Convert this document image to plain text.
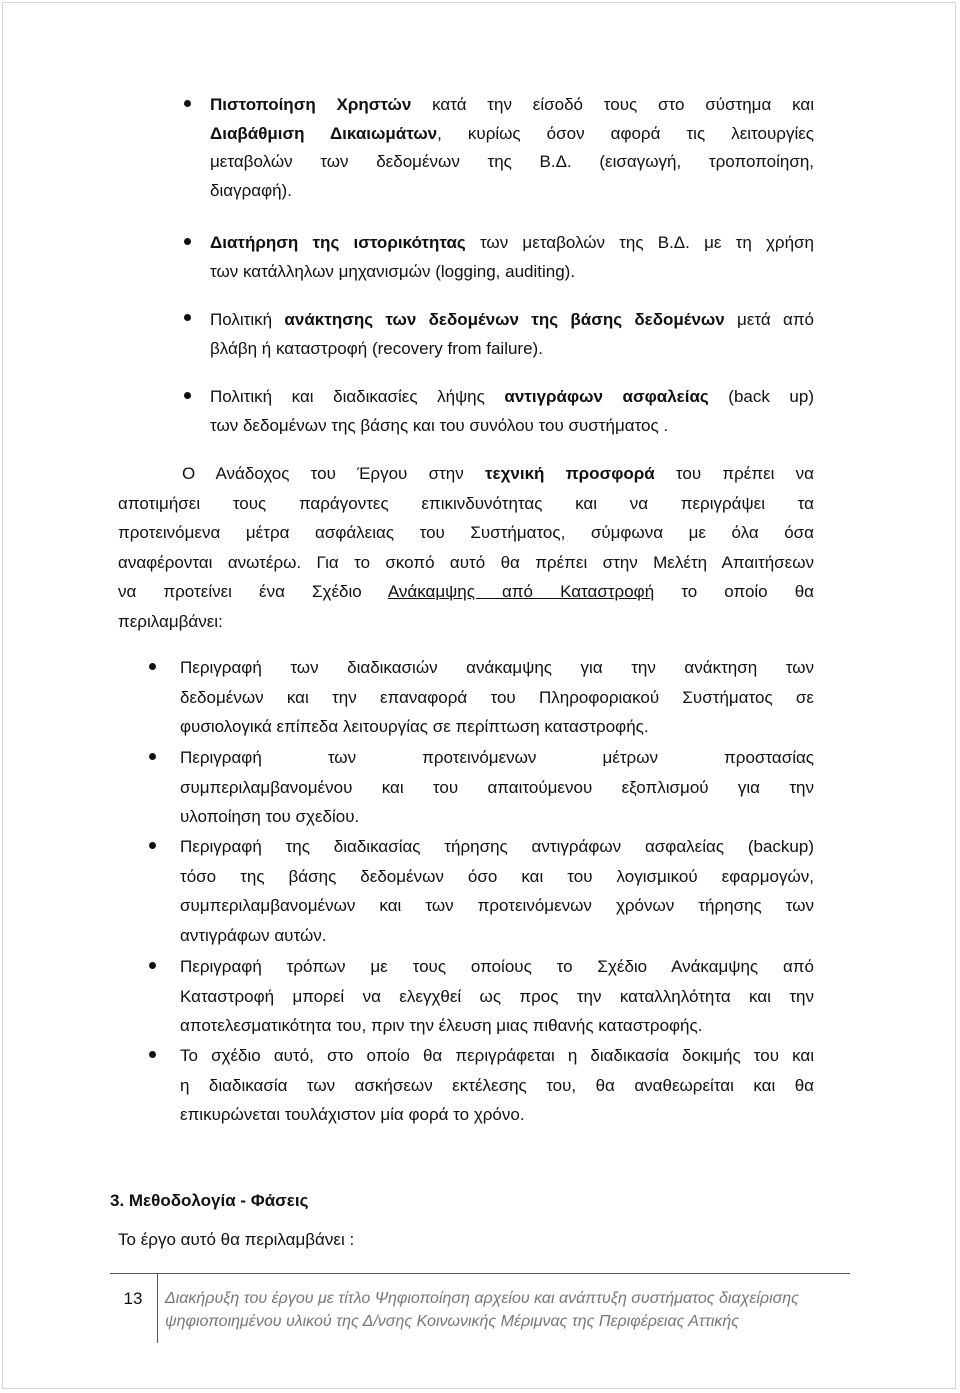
Πιστοποίηση Χρηστών κατά την είσοδό τους στο σύστημα και
Διαβάθμιση Δικαιωμάτων, κυρίως όσον αφορά τις λειτουργίες
μεταβολών των δεδομένων της Β.Δ. (εισαγωγή, τροποποίηση,
διαγραφή).
Διατήρηση της ιστορικότητας των μεταβολών της Β.Δ. με τη χρήση
των κατάλληλων μηχανισμών (logging, auditing).
Πολιτική ανάκτησης των δεδομένων της βάσης δεδομένων μετά από
βλάβη ή καταστροφή (recovery from failure).
Πολιτική και διαδικασίες λήψης αντιγράφων ασφαλείας (back up)
των δεδομένων της βάσης και του συνόλου του συστήματος .
Ο Ανάδοχος του Έργου στην τεχνική προσφορά του πρέπει να
αποτιμήσει τους παράγοντες επικινδυνότητας και να περιγράψει τα
προτεινόμενα μέτρα ασφάλειας του Συστήματος, σύμφωνα με όλα όσα
αναφέρονται ανωτέρω. Για το σκοπό αυτό θα πρέπει στην Μελέτη Απαιτήσεων
να προτείνει ένα Σχέδιο Ανάκαμψης από Καταστροφή το οποίο θα
περιλαμβάνει:
Περιγραφή των διαδικασιών ανάκαμψης για την ανάκτηση των
δεδομένων και την επαναφορά του Πληροφοριακού Συστήματος σε
φυσιολογικά επίπεδα λειτουργίας σε περίπτωση καταστροφής.
Περιγραφή των προτεινόμενων μέτρων προστασίας
συμπεριλαμβανομένου και του απαιτούμενου εξοπλισμού για την
υλοποίηση του σχεδίου.
Περιγραφή της διαδικασίας τήρησης αντιγράφων ασφαλείας (backup)
τόσο της βάσης δεδομένων όσο και του λογισμικού εφαρμογών,
συμπεριλαμβανομένων και των προτεινόμενων χρόνων τήρησης των
αντιγράφων αυτών.
Περιγραφή τρόπων με τους οποίους το Σχέδιο Ανάκαμψης από
Καταστροφή μπορεί να ελεγχθεί ως προς την καταλληλότητα και την
αποτελεσματικότητα του, πριν την έλευση μιας πιθανής καταστροφής.
Το σχέδιο αυτό, στο οποίο θα περιγράφεται η διαδικασία δοκιμής του και
η διαδικασία των ασκήσεων εκτέλεσης του, θα αναθεωρείται και θα
επικυρώνεται τουλάχιστον μία φορά το χρόνο.
3. Μεθοδολογία - Φάσεις
Το έργο αυτό θα περιλαμβάνει :
13	Διακήρυξη του έργου με τίτλο Ψηφιοποίηση αρχείου και ανάπτυξη συστήματος διαχείρισης
ψηφιοποιημένου υλικού της Δ/νσης Κοινωνικής Μέριμνας της Περιφέρειας Αττικής
